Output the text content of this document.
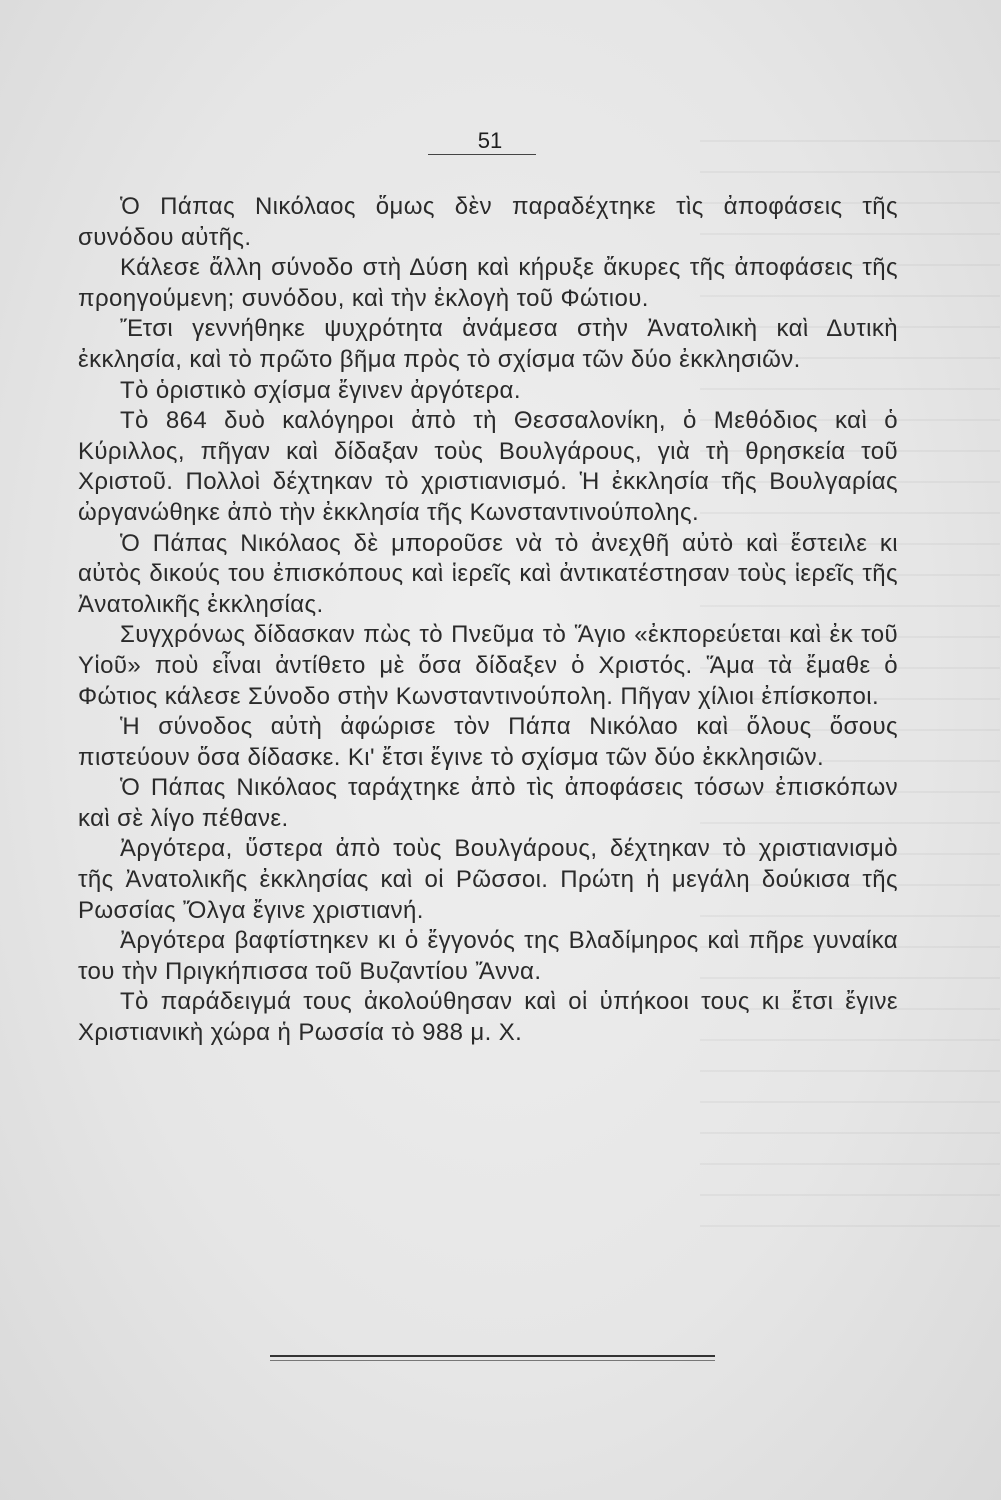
51

Ὁ Πάπας Νικόλαος ὅμως δὲν παραδέχτηκε τὶς ἀποφάσεις τῆς συνόδου αὐτῆς.

Κάλεσε ἄλλη σύνοδο στὴ Δύση καὶ κήρυξε ἄκυρες τῆς ἀποφάσεις τῆς προηγούμενη; συνόδου, καὶ τὴν ἐκλογὴ τοῦ Φώτιου.

Ἔτσι γεννήθηκε ψυχρότητα ἀνάμεσα στὴν Ἀνατολικὴ καὶ Δυτικὴ ἐκκλησία, καὶ τὸ πρῶτο βῆμα πρὸς τὸ σχίσμα τῶν δύο ἐκκλησιῶν.

Τὸ ὁριστικὸ σχίσμα ἔγινεν ἀργότερα.

Τὸ 864 δυὸ καλόγηροι ἀπὸ τὴ Θεσσαλονίκη, ὁ Μεθόδιος καὶ ὁ Κύριλλος, πῆγαν καὶ δίδαξαν τοὺς Βουλγάρους, γιὰ τὴ θρησκεία τοῦ Χριστοῦ. Πολλοὶ δέχτηκαν τὸ χριστιανισμό. Ἡ ἐκκλησία τῆς Βουλγαρίας ὠργανώθηκε ἀπὸ τὴν ἐκκλησία τῆς Κωνσταντινούπολης.

Ὁ Πάπας Νικόλαος δὲ μποροῦσε νὰ τὸ ἀνεχθῆ αὐτὸ καὶ ἔστειλε κι αὐτὸς δικούς του ἐπισκόπους καὶ ἱερεῖς καὶ ἀντικατέστησαν τοὺς ἱερεῖς τῆς Ἀνατολικῆς ἐκκλησίας.

Συγχρόνως δίδασκαν πὼς τὸ Πνεῦμα τὸ Ἅγιο «ἐκπορεύεται καὶ ἐκ τοῦ Υἱοῦ» ποὺ εἶναι ἀντίθετο μὲ ὅσα δίδαξεν ὁ Χριστός. Ἅμα τὰ ἔμαθε ὁ Φώτιος κάλεσε Σύνοδο στὴν Κωνσταντινούπολη. Πῆγαν χίλιοι ἐπίσκοποι.

Ἡ σύνοδος αὐτὴ ἀφώρισε τὸν Πάπα Νικόλαο καὶ ὅλους ὅσους πιστεύουν ὅσα δίδασκε. Κι' ἔτσι ἔγινε τὸ σχίσμα τῶν δύο ἐκκλησιῶν.

Ὁ Πάπας Νικόλαος ταράχτηκε ἀπὸ τὶς ἀποφάσεις τόσων ἐπισκόπων καὶ σὲ λίγο πέθανε.

Ἀργότερα, ὕστερα ἀπὸ τοὺς Βουλγάρους, δέχτηκαν τὸ χριστιανισμὸ τῆς Ἀνατολικῆς ἐκκλησίας καὶ οἱ Ρῶσσοι. Πρώτη ἡ μεγάλη δούκισα τῆς Ρωσσίας Ὄλγα ἔγινε χριστιανή.

Ἀργότερα βαφτίστηκεν κι ὁ ἔγγονός της Βλαδίμηρος καὶ πῆρε γυναίκα του τὴν Πριγκήπισσα τοῦ Βυζαντίου Ἄννα.

Τὸ παράδειγμά τους ἀκολούθησαν καὶ οἱ ὑπήκοοι τους κι ἔτσι ἔγινε Χριστιανικὴ χώρα ἡ Ρωσσία τὸ 988 μ. Χ.
